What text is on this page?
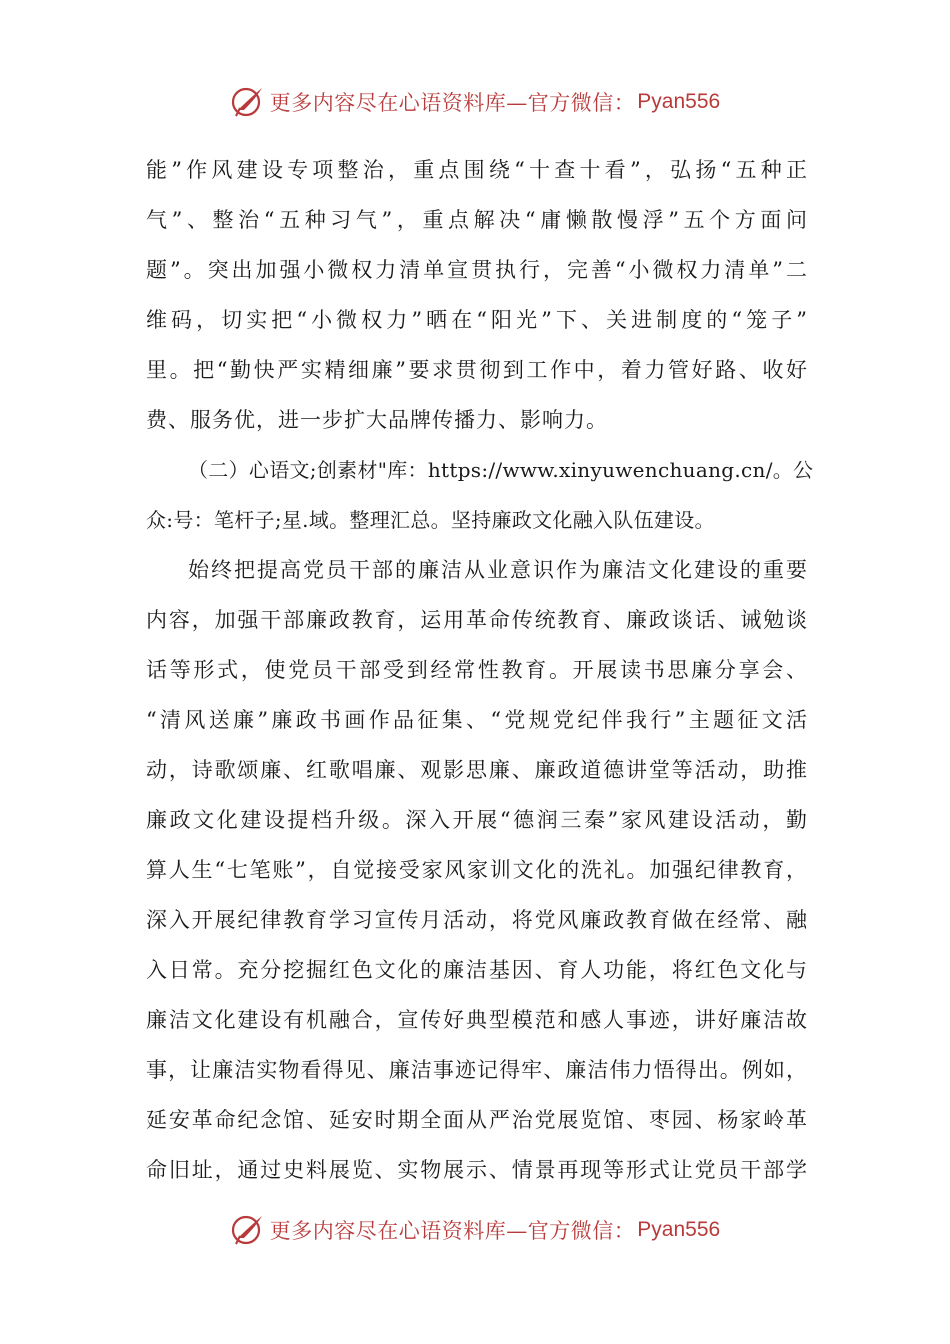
更多内容尽在心语资料库—官方微信： Pyan556
能”作风建设专项整治，重点围绕“十查十看”，弘扬“五种正
气”、整治“五种习气”，重点解决“庸懒散慢浮”五个方面问
题”。突出加强小微权力清单宣贯执行，完善“小微权力清单”二
维码，切实把“小微权力”晒在“阳光”下、关进制度的“笼子”
里。把“勤快严实精细廉”要求贯彻到工作中，着力管好路、收好
费、服务优，进一步扩大品牌传播力、影响力。
（二）心语文;创素材"库：https://www.xinyuwenchuang.cn/。公
众:号：笔杆子;星.域。整理汇总。坚持廉政文化融入队伍建设。
始终把提高党员干部的廉洁从业意识作为廉洁文化建设的重要
内容，加强干部廉政教育，运用革命传统教育、廉政谈话、诫勉谈
话等形式，使党员干部受到经常性教育。开展读书思廉分享会、
“清风送廉”廉政书画作品征集、“党规党纪伴我行”主题征文活
动，诗歌颂廉、红歌唱廉、观影思廉、廉政道德讲堂等活动，助推
廉政文化建设提档升级。深入开展“德润三秦”家风建设活动，勤
算人生“七笔账”，自觉接受家风家训文化的洗礼。加强纪律教育，
深入开展纪律教育学习宣传月活动，将党风廉政教育做在经常、融
入日常。充分挖掘红色文化的廉洁基因、育人功能，将红色文化与
廉洁文化建设有机融合，宣传好典型模范和感人事迹，讲好廉洁故
事，让廉洁实物看得见、廉洁事迹记得牢、廉洁伟力悟得出。例如，
延安革命纪念馆、延安时期全面从严治党展览馆、枣园、杨家岭革
命旧址，通过史料展览、实物展示、情景再现等形式让党员干部学
更多内容尽在心语资料库—官方微信： Pyan556
